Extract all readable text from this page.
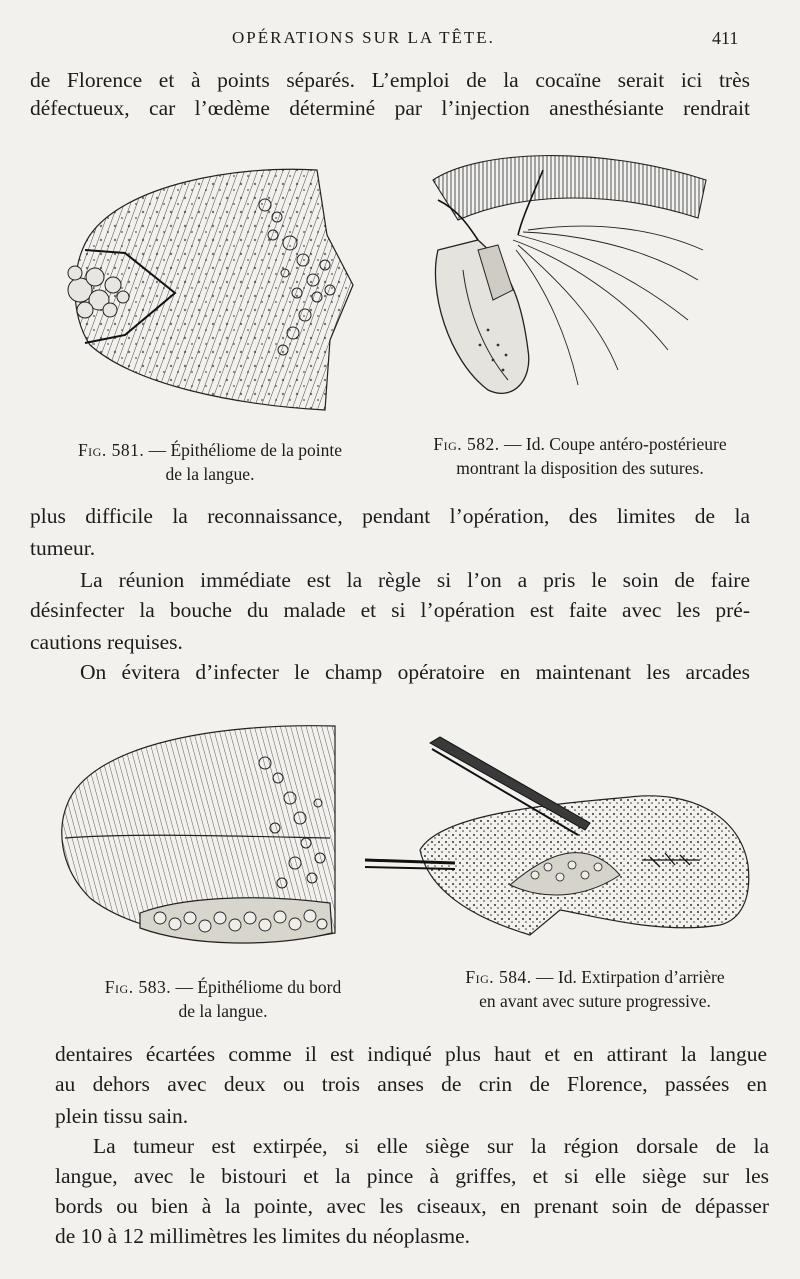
OPÉRATIONS SUR LA TÊTE.	411
de Florence et à points séparés. L’emploi de la cocaïne serait ici très
défectueux, car l’œdème déterminé par l’injection anesthésiante rendrait
Fig. 581. — Épithéliome de la pointe
de la langue.
Fig. 582. — Id. Coupe antéro-postérieure
montrant la disposition des sutures.
plus difficile la reconnaissance, pendant l’opération, des limites de la
tumeur.
La réunion immédiate est la règle si l’on a pris le soin de faire
désinfecter la bouche du malade et si l’opération est faite avec les pré-
cautions requises.
On évitera d’infecter le champ opératoire en maintenant les arcades
Fig. 583. — Épithéliome du bord
de la langue.
Fig. 584. — Id. Extirpation d’arrière
en avant avec suture progressive.
dentaires écartées comme il est indiqué plus haut et en attirant la langue
au dehors avec deux ou trois anses de crin de Florence, passées en
plein tissu sain.
La tumeur est extirpée, si elle siège sur la région dorsale de la
langue, avec le bistouri et la pince à griffes, et si elle siège sur les
bords ou bien à la pointe, avec les ciseaux, en prenant soin de dépasser
de 10 à 12 millimètres les limites du néoplasme.
